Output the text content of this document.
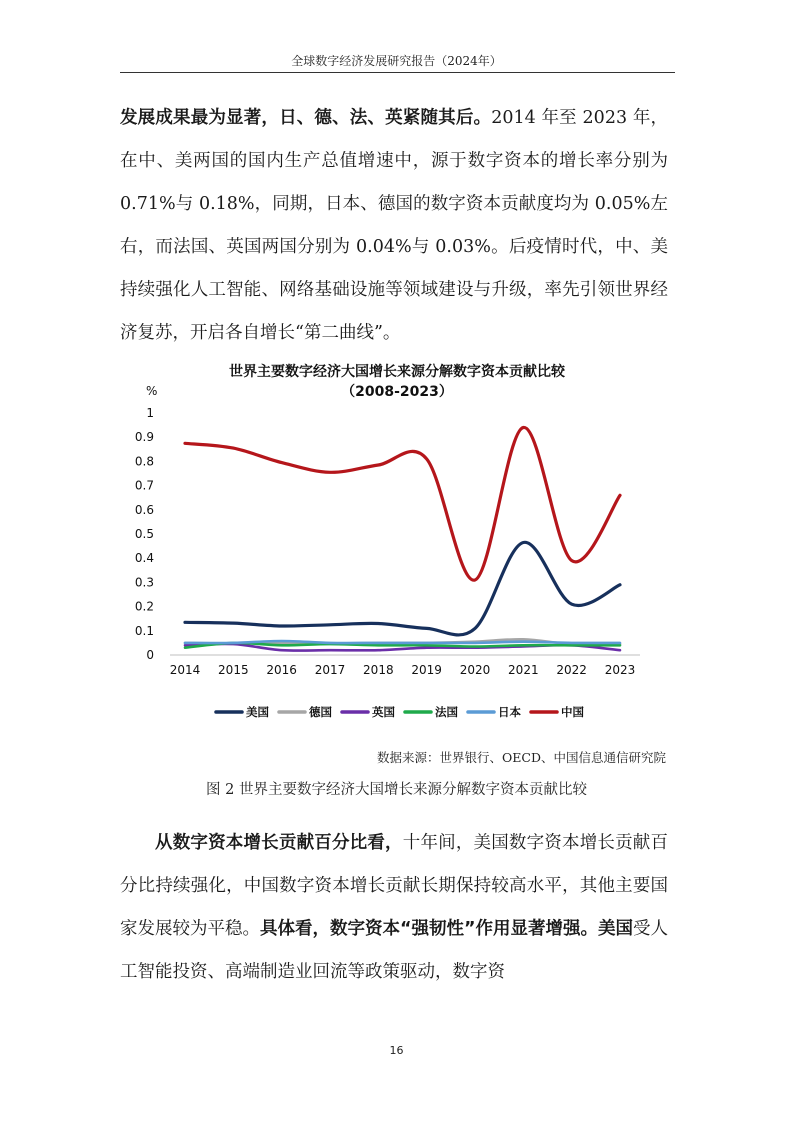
全球数字经济发展研究报告（2024年）

发展成果最为显著，日、德、法、英紧随其后。2014 年至 2023 年，在中、美两国的国内生产总值增速中，源于数字资本的增长率分别为 0.71%与 0.18%，同期，日本、德国的数字资本贡献度均为 0.05%左右，而法国、英国两国分别为 0.04%与 0.03%。后疫情时代，中、美持续强化人工智能、网络基础设施等领域建设与升级，率先引领世界经济复苏，开启各自增长“第二曲线”。

世界主要数字经济大国增长来源分解数字资本贡献比较
（2008-2023）
%
0
0.1
0.2
0.3
0.4
0.5
0.6
0.7
0.8
0.9
1
2014 2015 2016 2017 2018 2019 2020 2021 2022 2023
美国	德国	英国	法国	日本	中国
数据来源：世界银行、OECD、中国信息通信研究院
图 2 世界主要数字经济大国增长来源分解数字资本贡献比较

从数字资本增长贡献百分比看，十年间，美国数字资本增长贡献百分比持续强化，中国数字资本增长贡献长期保持较高水平，其他主要国家发展较为平稳。具体看，数字资本“强韧性”作用显著增强。美国受人工智能投资、高端制造业回流等政策驱动，数字资

16
